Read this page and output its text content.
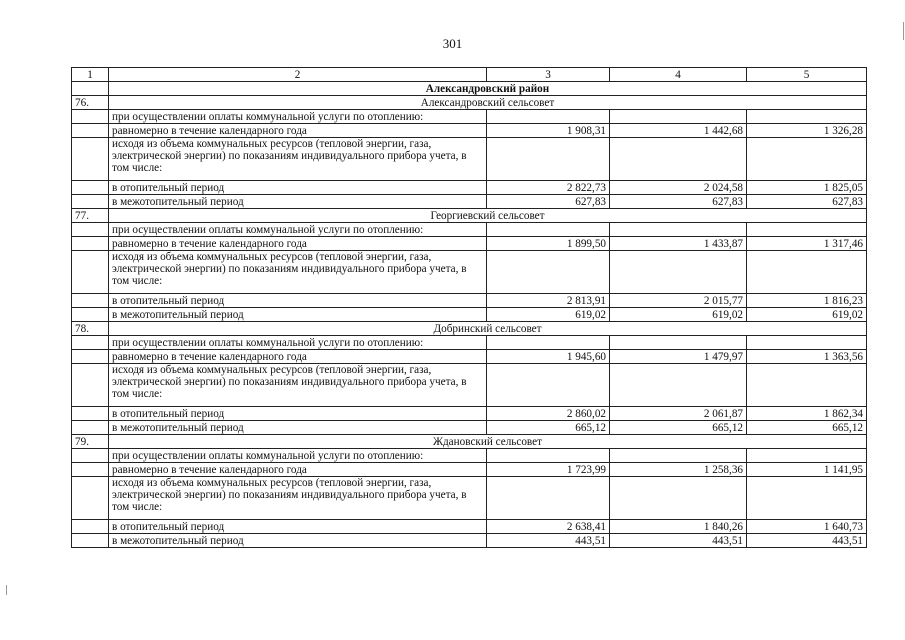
301
1	2	3	4	5
	Александровский район			
76.	Александровский сельсовет			
	при осуществлении оплаты коммунальной услуги по отоплению:			
	равномерно в течение календарного года	1 908,31	1 442,68	1 326,28
	исходя из объема коммунальных ресурсов (тепловой энергии, газа, электрической энергии) по показаниям индивидуального прибора учета, в том числе:			
	в отопительный период	2 822,73	2 024,58	1 825,05
	в межотопительный период	627,83	627,83	627,83
77.	Георгиевский сельсовет			
	при осуществлении оплаты коммунальной услуги по отоплению:			
	равномерно в течение календарного года	1 899,50	1 433,87	1 317,46
	исходя из объема коммунальных ресурсов (тепловой энергии, газа, электрической энергии) по показаниям индивидуального прибора учета, в том числе:			
	в отопительный период	2 813,91	2 015,77	1 816,23
	в межотопительный период	619,02	619,02	619,02
78.	Добринский сельсовет			
	при осуществлении оплаты коммунальной услуги по отоплению:			
	равномерно в течение календарного года	1 945,60	1 479,97	1 363,56
	исходя из объема коммунальных ресурсов (тепловой энергии, газа, электрической энергии) по показаниям индивидуального прибора учета, в том числе:			
	в отопительный период	2 860,02	2 061,87	1 862,34
	в межотопительный период	665,12	665,12	665,12
79.	Ждановский сельсовет			
	при осуществлении оплаты коммунальной услуги по отоплению:			
	равномерно в течение календарного года	1 723,99	1 258,36	1 141,95
	исходя из объема коммунальных ресурсов (тепловой энергии, газа, электрической энергии) по показаниям индивидуального прибора учета, в том числе:			
	в отопительный период	2 638,41	1 840,26	1 640,73
	в межотопительный период	443,51	443,51	443,51
